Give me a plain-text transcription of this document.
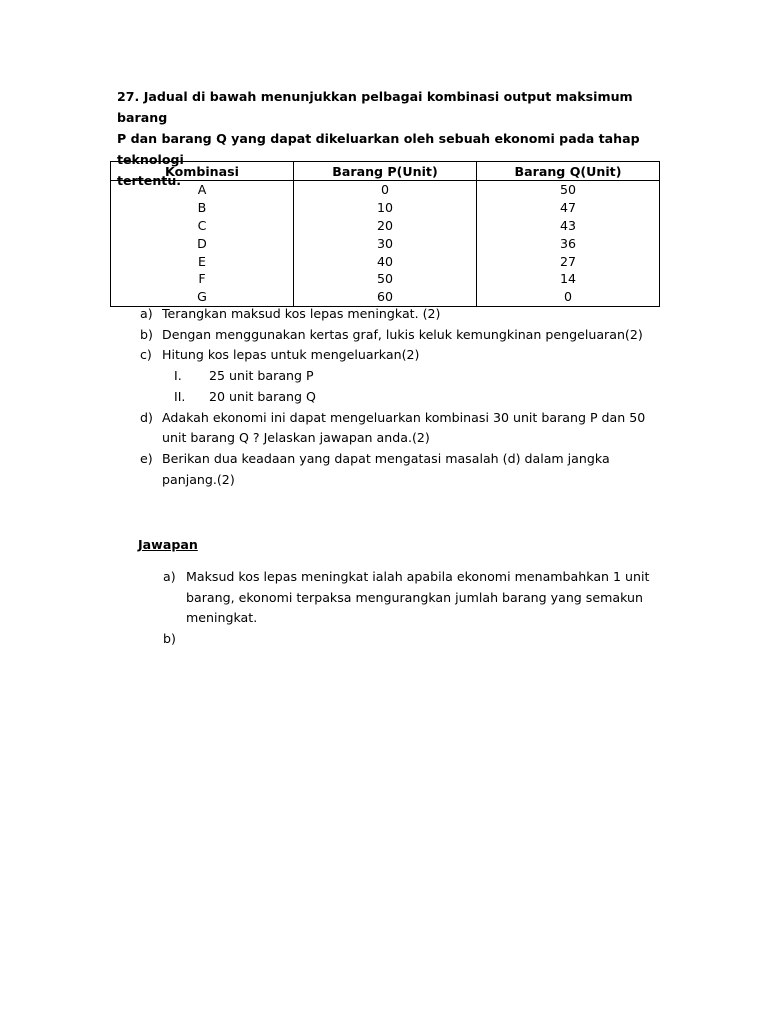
27. Jadual di bawah menunjukkan pelbagai kombinasi output maksimum barang

P dan barang Q yang dapat dikeluarkan oleh sebuah ekonomi pada tahap teknologi

tertentu.

Kombinasi	Barang P(Unit)	Barang Q(Unit)
A	0	50
B	10	47
C	20	43
D	30	36
E	40	27
F	50	14
G	60	0
a) Terangkan maksud kos lepas meningkat. (2)
b) Dengan menggunakan kertas graf, lukis keluk kemungkinan pengeluaran(2)
c) Hitung kos lepas untuk mengeluarkan(2)
I.	25 unit barang P
II.	20 unit barang Q
d) Adakah ekonomi ini dapat mengeluarkan kombinasi 30 unit barang P dan 50
unit barang Q ? Jelaskan jawapan anda.(2)
e) Berikan dua keadaan yang dapat mengatasi masalah (d) dalam jangka
panjang.(2)
Jawapan
a) Maksud kos lepas meningkat ialah apabila ekonomi menambahkan 1 unit
barang, ekonomi terpaksa mengurangkan jumlah barang yang semakun
meningkat.
b)
